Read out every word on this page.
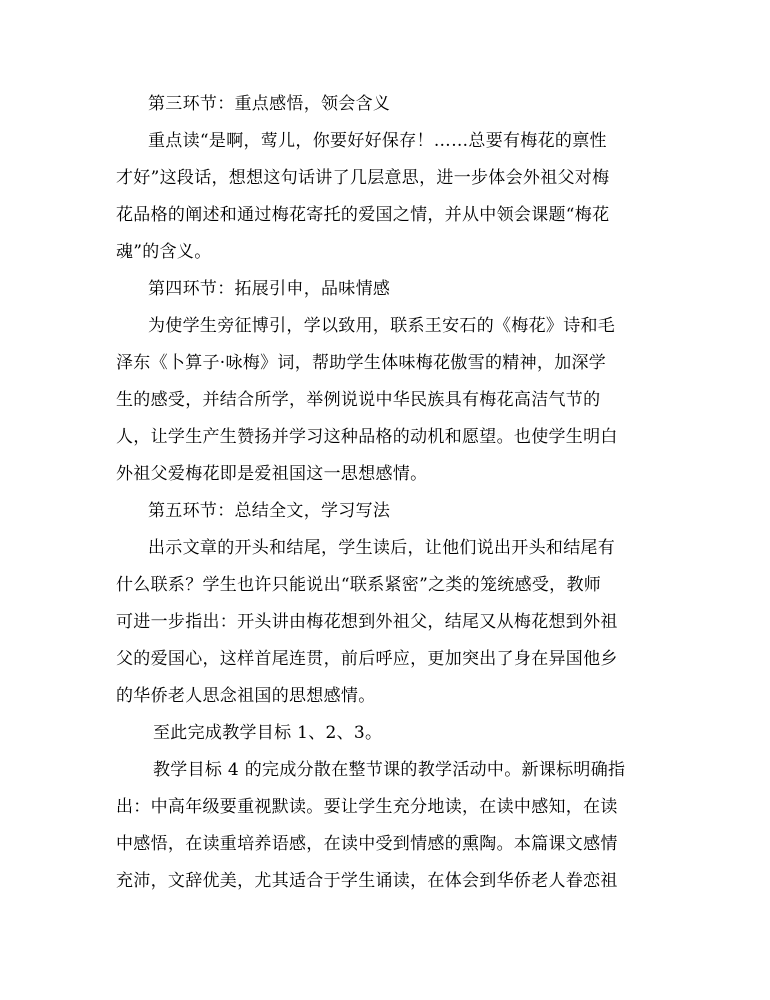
第三环节：重点感悟，领会含义
重点读“是啊，莺儿，你要好好保存！……总要有梅花的禀性
才好”这段话，想想这句话讲了几层意思，进一步体会外祖父对梅
花品格的阐述和通过梅花寄托的爱国之情，并从中领会课题“梅花
魂”的含义。
第四环节：拓展引申，品味情感
为使学生旁征博引，学以致用，联系王安石的《梅花》诗和毛
泽东《卜算子·咏梅》词，帮助学生体味梅花傲雪的精神，加深学
生的感受，并结合所学，举例说说中华民族具有梅花高洁气节的
人，让学生产生赞扬并学习这种品格的动机和愿望。也使学生明白
外祖父爱梅花即是爱祖国这一思想感情。
第五环节：总结全文，学习写法
出示文章的开头和结尾，学生读后，让他们说出开头和结尾有
什么联系？学生也许只能说出“联系紧密”之类的笼统感受，教师
可进一步指出：开头讲由梅花想到外祖父，结尾又从梅花想到外祖
父的爱国心，这样首尾连贯，前后呼应，更加突出了身在异国他乡
的华侨老人思念祖国的思想感情。
至此完成教学目标 1、2、3。
教学目标 4 的完成分散在整节课的教学活动中。新课标明确指
出：中高年级要重视默读。要让学生充分地读，在读中感知，在读
中感悟，在读重培养语感，在读中受到情感的熏陶。本篇课文感情
充沛，文辞优美，尤其适合于学生诵读，在体会到华侨老人眷恋祖
